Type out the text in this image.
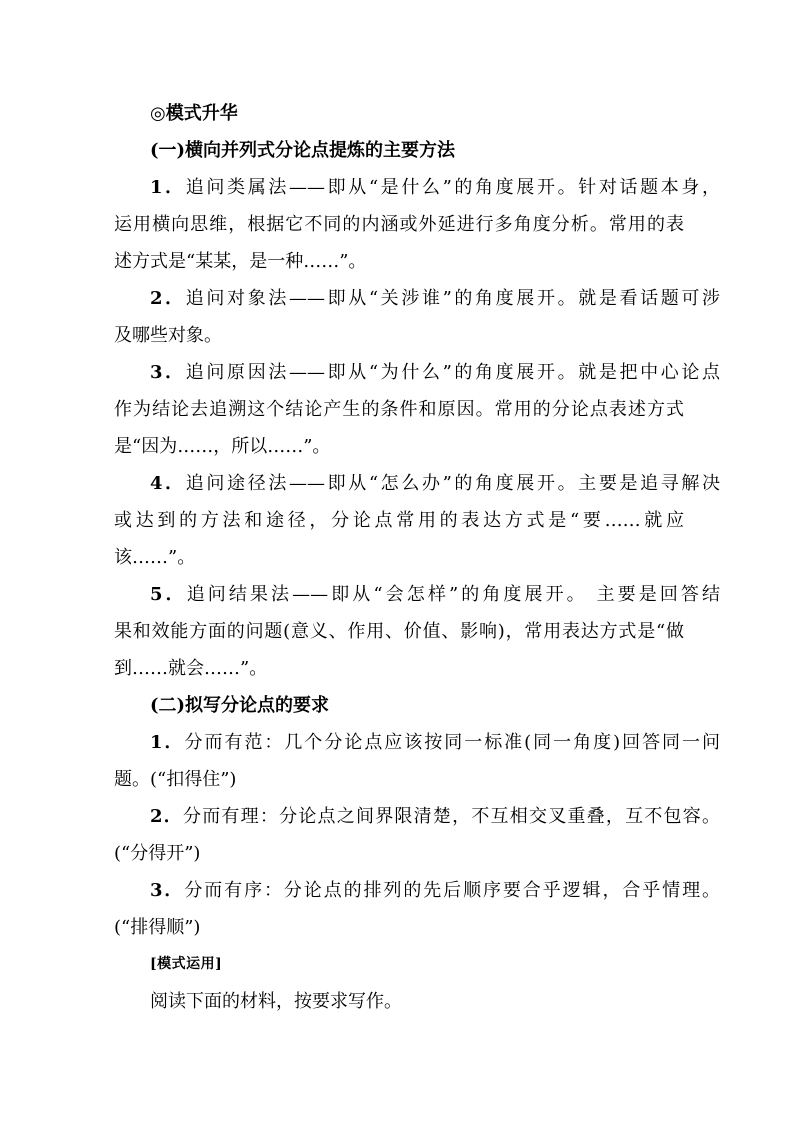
◎模式升华
(一)横向并列式分论点提炼的主要方法
1．追问类属法——即从“是什么”的角度展开。针对话题本身，
运用横向思维，根据它不同的内涵或外延进行多角度分析。常用的表
述方式是“某某，是一种……”。
2．追问对象法——即从“关涉谁”的角度展开。就是看话题可涉
及哪些对象。
3．追问原因法——即从“为什么”的角度展开。就是把中心论点
作为结论去追溯这个结论产生的条件和原因。常用的分论点表述方式
是“因为……，所以……”。
4．追问途径法——即从“怎么办”的角度展开。主要是追寻解决
或达到的方法和途径，分论点常用的表达方式是“要……就应
该……”。
5．追问结果法——即从“会怎样”的角度展开。 主要是回答结
果和效能方面的问题(意义、作用、价值、影响)，常用表达方式是“做
到……就会……”。
(二)拟写分论点的要求
1．分而有范：几个分论点应该按同一标准(同一角度)回答同一问
题。(“扣得住”)
2．分而有理：分论点之间界限清楚，不互相交叉重叠，互不包容。
(“分得开”)
3．分而有序：分论点的排列的先后顺序要合乎逻辑，合乎情理。
(“排得顺”)
[模式运用]
阅读下面的材料，按要求写作。
